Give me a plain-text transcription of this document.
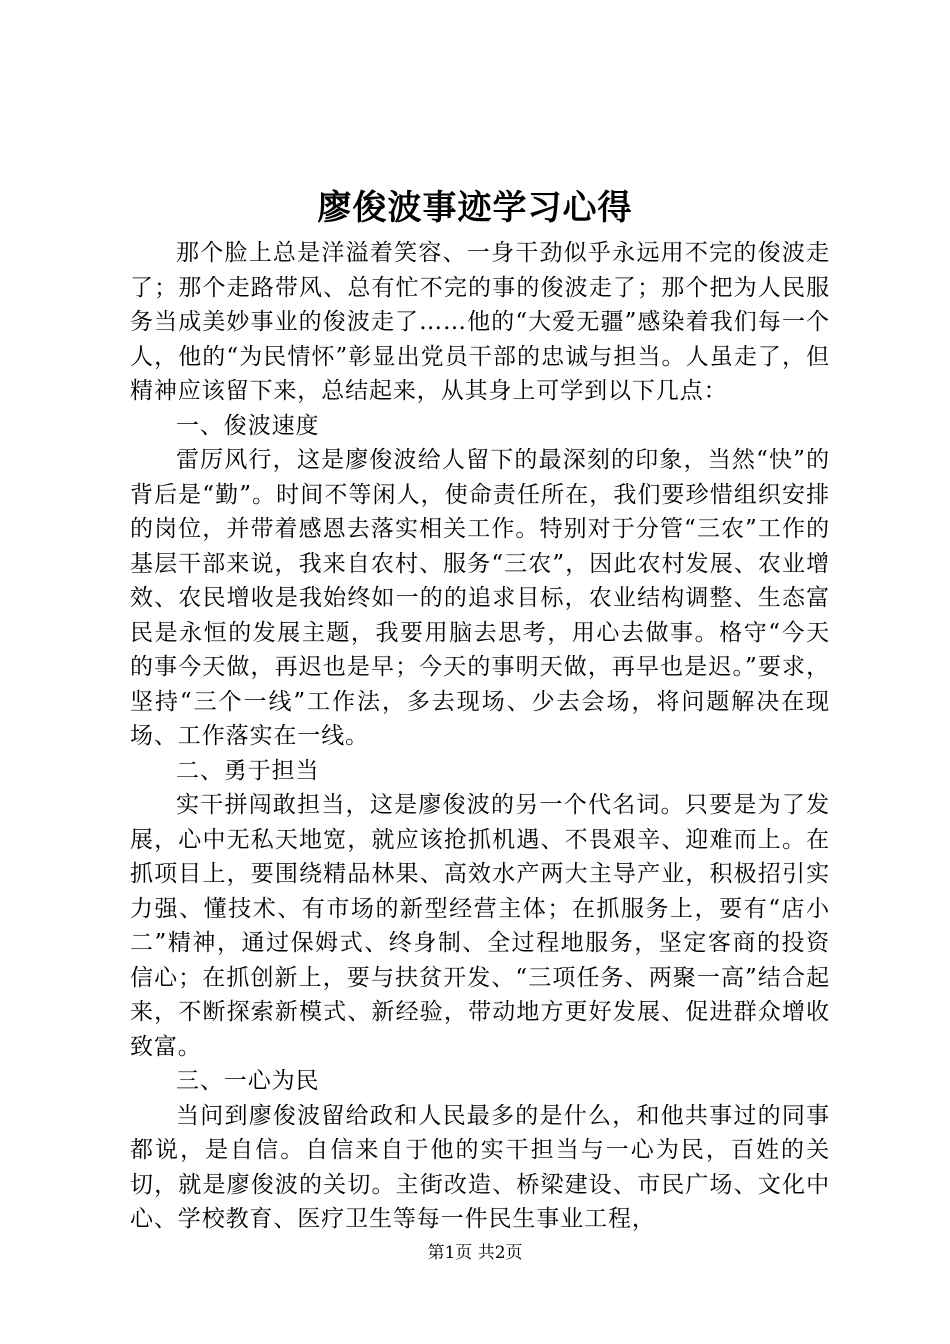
廖俊波事迹学习心得

那个脸上总是洋溢着笑容、一身干劲似乎永远用不完的俊波走了；那个走路带风、总有忙不完的事的俊波走了；那个把为人民服务当成美妙事业的俊波走了……他的“大爱无疆”感染着我们每一个人，他的“为民情怀”彰显出党员干部的忠诚与担当。人虽走了，但精神应该留下来，总结起来，从其身上可学到以下几点：

一、俊波速度

雷厉风行，这是廖俊波给人留下的最深刻的印象，当然“快”的背后是“勤”。时间不等闲人，使命责任所在，我们要珍惜组织安排的岗位，并带着感恩去落实相关工作。特别对于分管“三农”工作的基层干部来说，我来自农村、服务“三农”，因此农村发展、农业增效、农民增收是我始终如一的的追求目标，农业结构调整、生态富民是永恒的发展主题，我要用脑去思考，用心去做事。格守“今天的事今天做，再迟也是早；今天的事明天做，再早也是迟。”要求，坚持“三个一线”工作法，多去现场、少去会场，将问题解决在现场、工作落实在一线。

二、勇于担当

实干拼闯敢担当，这是廖俊波的另一个代名词。只要是为了发展，心中无私天地宽，就应该抢抓机遇、不畏艰辛、迎难而上。在抓项目上，要围绕精品林果、高效水产两大主导产业，积极招引实力强、懂技术、有市场的新型经营主体；在抓服务上，要有“店小二”精神，通过保姆式、终身制、全过程地服务，坚定客商的投资信心；在抓创新上，要与扶贫开发、“三项任务、两聚一高”结合起来，不断探索新模式、新经验，带动地方更好发展、促进群众增收致富。

三、一心为民

当问到廖俊波留给政和人民最多的是什么，和他共事过的同事都说，是自信。自信来自于他的实干担当与一心为民，百姓的关切，就是廖俊波的关切。主街改造、桥梁建设、市民广场、文化中心、学校教育、医疗卫生等每一件民生事业工程，

第1页 共2页
